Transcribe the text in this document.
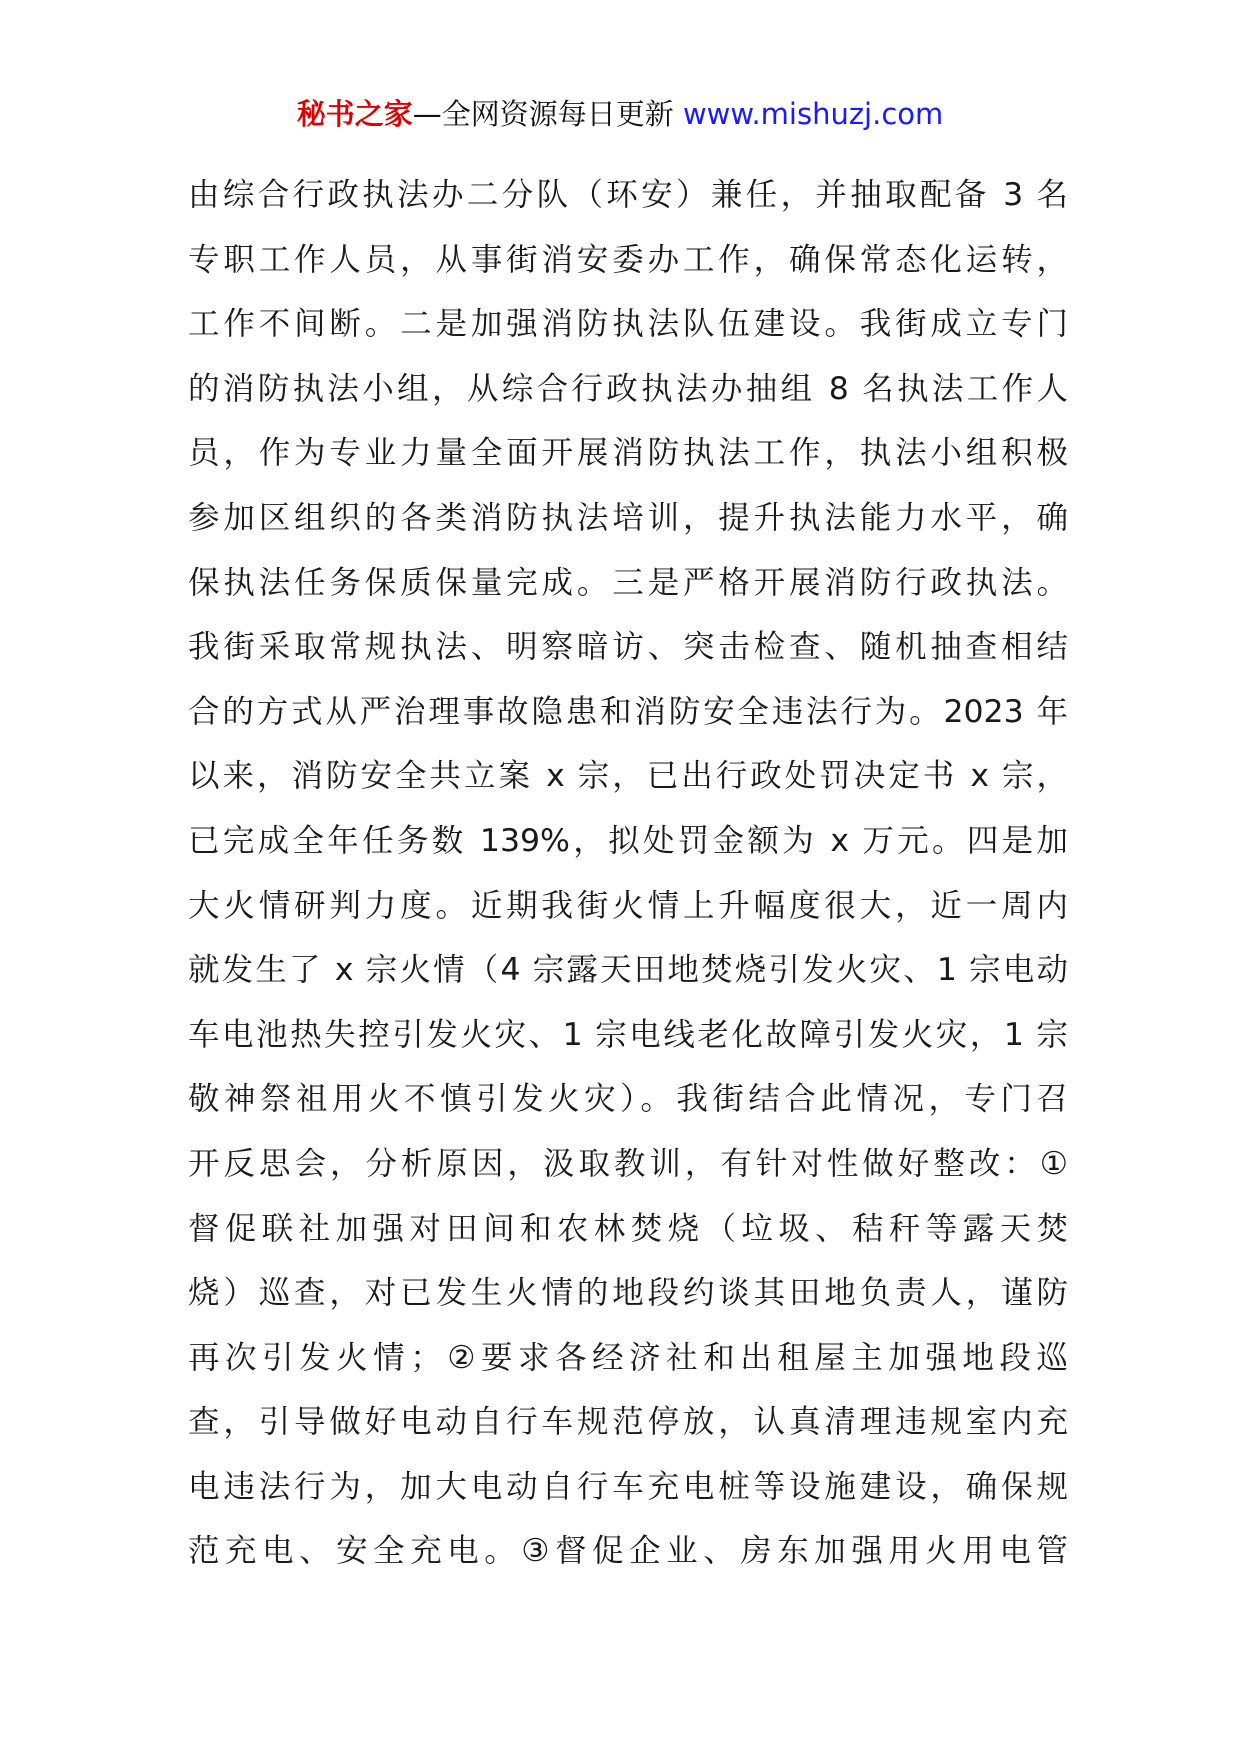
秘书之家—全网资源每日更新 www.mishuzj.com
由综合行政执法办二分队（环安）兼任，并抽取配备 3 名
专职工作人员，从事街消安委办工作，确保常态化运转，
工作不间断。二是加强消防执法队伍建设。我街成立专门
的消防执法小组，从综合行政执法办抽组 8 名执法工作人
员，作为专业力量全面开展消防执法工作，执法小组积极
参加区组织的各类消防执法培训，提升执法能力水平，确
保执法任务保质保量完成。三是严格开展消防行政执法。
我街采取常规执法、明察暗访、突击检查、随机抽查相结
合的方式从严治理事故隐患和消防安全违法行为。2023 年
以来，消防安全共立案 x 宗，已出行政处罚决定书 x 宗，
已完成全年任务数 139%，拟处罚金额为 x 万元。四是加
大火情研判力度。近期我街火情上升幅度很大，近一周内
就发生了 x 宗火情（4 宗露天田地焚烧引发火灾、1 宗电动
车电池热失控引发火灾、1 宗电线老化故障引发火灾，1 宗
敬神祭祖用火不慎引发火灾）。我街结合此情况，专门召
开反思会，分析原因，汲取教训，有针对性做好整改：①
督促联社加强对田间和农林焚烧（垃圾、秸秆等露天焚
烧）巡查，对已发生火情的地段约谈其田地负责人，谨防
再次引发火情；②要求各经济社和出租屋主加强地段巡
查，引导做好电动自行车规范停放，认真清理违规室内充
电违法行为，加大电动自行车充电桩等设施建设，确保规
范充电、安全充电。③督促企业、房东加强用火用电管
